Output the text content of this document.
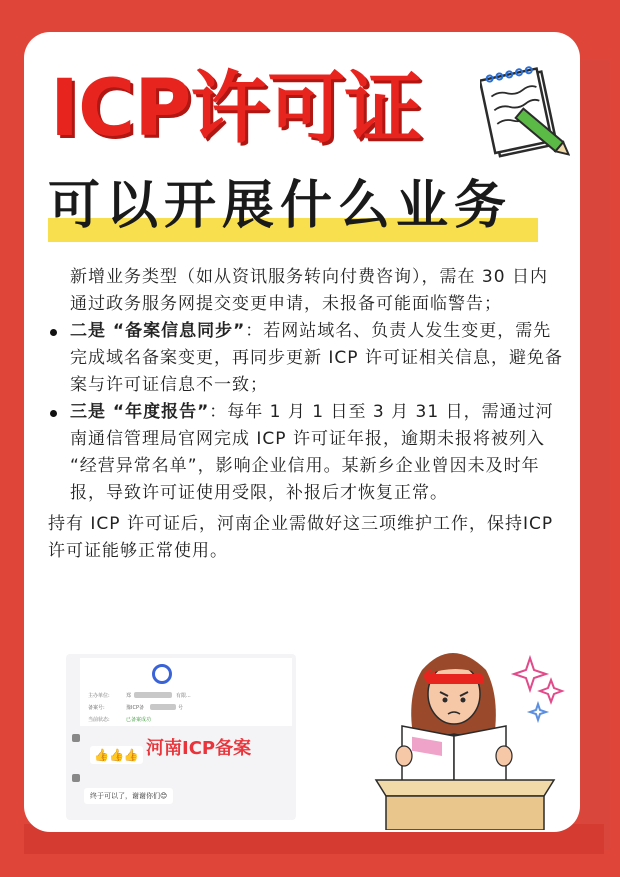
ICP许可证
可以开展什么业务
新增业务类型（如从资讯服务转向付费咨询），需在 30 日内通过政务服务网提交变更申请，未报备可能面临警告；
二是 “备案信息同步”：若网站域名、负责人发生变更，需先完成域名备案变更，再同步更新 ICP 许可证相关信息，避免备案与许可证信息不一致；
三是 “年度报告”：每年 1 月 1 日至 3 月 31 日，需通过河南通信管理局官网完成 ICP 许可证年报，逾期未报将被列入 “经营异常名单”，影响企业信用。某新乡企业曾因未及时年报，导致许可证使用受限，补报后才恢复正常。
持有 ICP 许可证后，河南企业需做好这三项维护工作，保持ICP许可证能够正常使用。
主办单位:	郑	有限...
备案号:	豫ICP备	号
当前状态:	已备案成功
👍👍👍
终于可以了，谢谢你们😊
河南ICP备案
